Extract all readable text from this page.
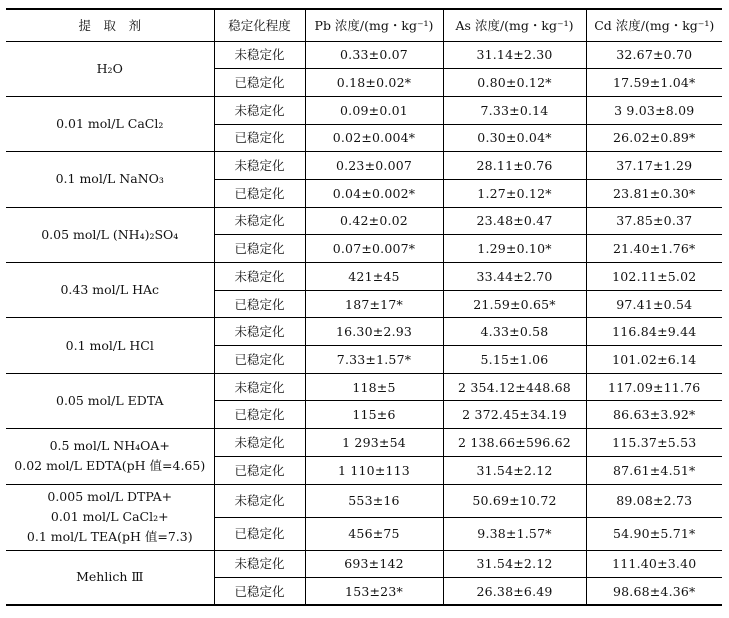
提　取　剂	稳定化程度	Pb 浓度/(mg・kg⁻¹)	As 浓度/(mg・kg⁻¹)	Cd 浓度/(mg・kg⁻¹)

H₂O	未稳定化	0.33±0.07	31.14±2.30	32.67±0.70
	已稳定化	0.18±0.02*	0.80±0.12*	17.59±1.04*

0.01 mol/L CaCl₂	未稳定化	0.09±0.01	7.33±0.14	3 9.03±8.09
	已稳定化	0.02±0.004*	0.30±0.04*	26.02±0.89*

0.1 mol/L NaNO₃	未稳定化	0.23±0.007	28.11±0.76	37.17±1.29
	已稳定化	0.04±0.002*	1.27±0.12*	23.81±0.30*

0.05 mol/L (NH₄)₂SO₄	未稳定化	0.42±0.02	23.48±0.47	37.85±0.37
	已稳定化	0.07±0.007*	1.29±0.10*	21.40±1.76*

0.43 mol/L HAc	未稳定化	421±45	33.44±2.70	102.11±5.02
	已稳定化	187±17*	21.59±0.65*	97.41±0.54

0.1 mol/L HCl	未稳定化	16.30±2.93	4.33±0.58	116.84±9.44
	已稳定化	7.33±1.57*	5.15±1.06	101.02±6.14

0.05 mol/L EDTA	未稳定化	118±5	2 354.12±448.68	117.09±11.76
	已稳定化	115±6	2 372.45±34.19	86.63±3.92*

0.5 mol/L NH₄OA+
0.02 mol/L EDTA(pH 值=4.65)	未稳定化	1 293±54	2 138.66±596.62	115.37±5.53
	已稳定化	1 110±113	31.54±2.12	87.61±4.51*

0.005 mol/L DTPA+
0.01 mol/L CaCl₂+
0.1 mol/L TEA(pH 值=7.3)	未稳定化	553±16	50.69±10.72	89.08±2.73
	已稳定化	456±75	9.38±1.57*	54.90±5.71*

Mehlich Ⅲ	未稳定化	693±142	31.54±2.12	111.40±3.40
	已稳定化	153±23*	26.38±6.49	98.68±4.36*
